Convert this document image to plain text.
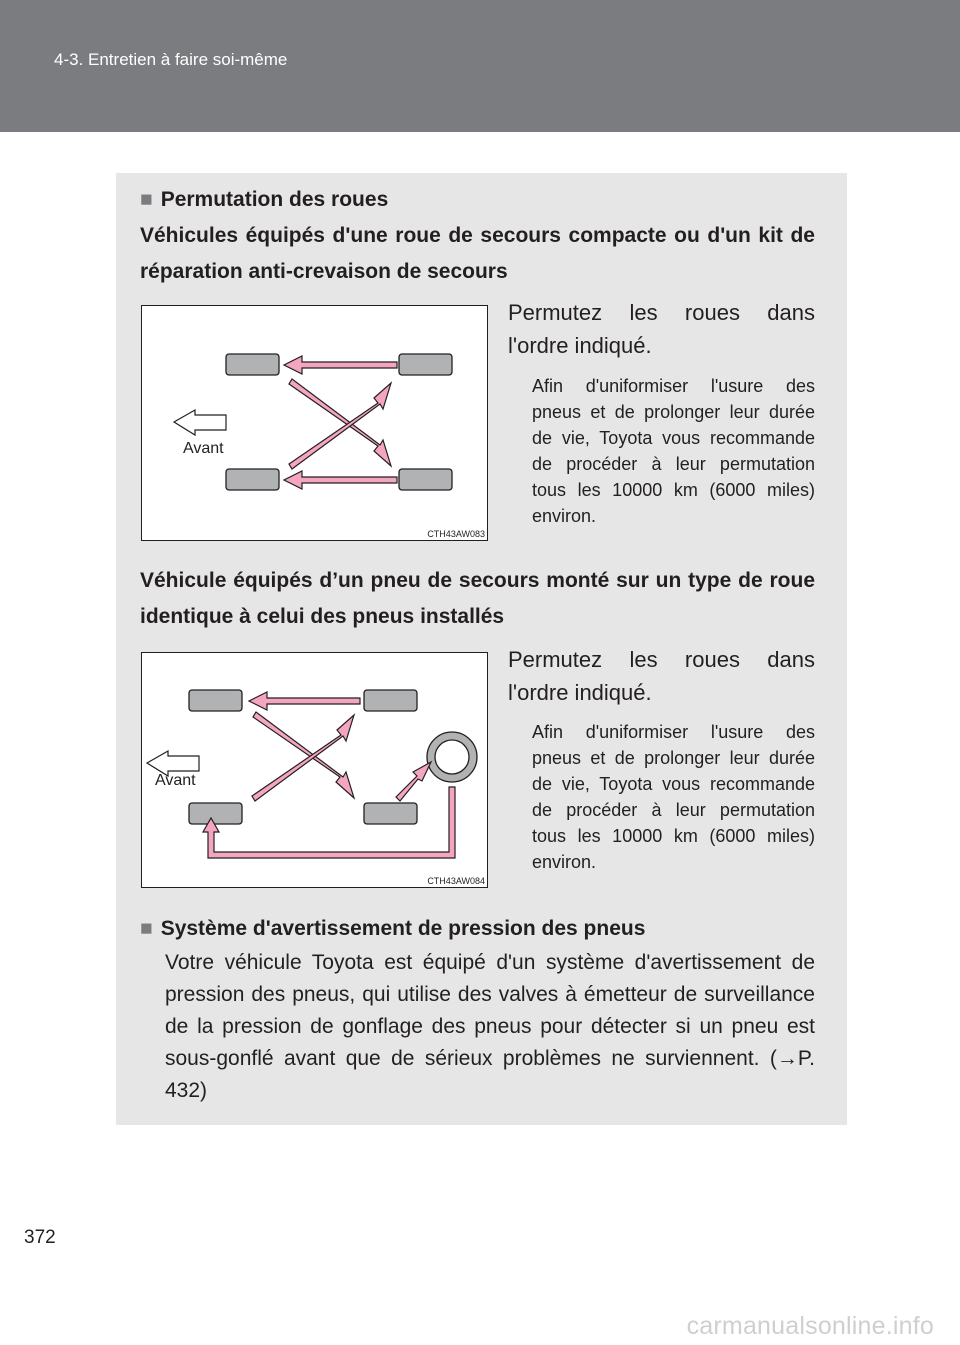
4-3. Entretien à faire soi-même
■ Permutation des roues
Véhicules équipés d'une roue de secours compacte ou d'un kit de réparation anti-crevaison de secours
Avant
CTH43AW083
Permutez les roues dans l'ordre indiqué.
Afin d'uniformiser l'usure des pneus et de prolonger leur durée de vie, Toyota vous recommande de procéder à leur permutation tous les 10000 km (6000 miles) environ.
Véhicule équipés d’un pneu de secours monté sur un type de roue identique à celui des pneus installés
Avant
CTH43AW084
Permutez les roues dans l'ordre indiqué.
Afin d'uniformiser l'usure des pneus et de prolonger leur durée de vie, Toyota vous recommande de procéder à leur permutation tous les 10000 km (6000 miles) environ.
■ Système d'avertissement de pression des pneus
Votre véhicule Toyota est équipé d'un système d'avertissement de pression des pneus, qui utilise des valves à émetteur de surveillance de la pression de gonflage des pneus pour détecter si un pneu est sous-gonflé avant que de sérieux problèmes ne surviennent. (→P. 432)
372
carmanualsonline.info
